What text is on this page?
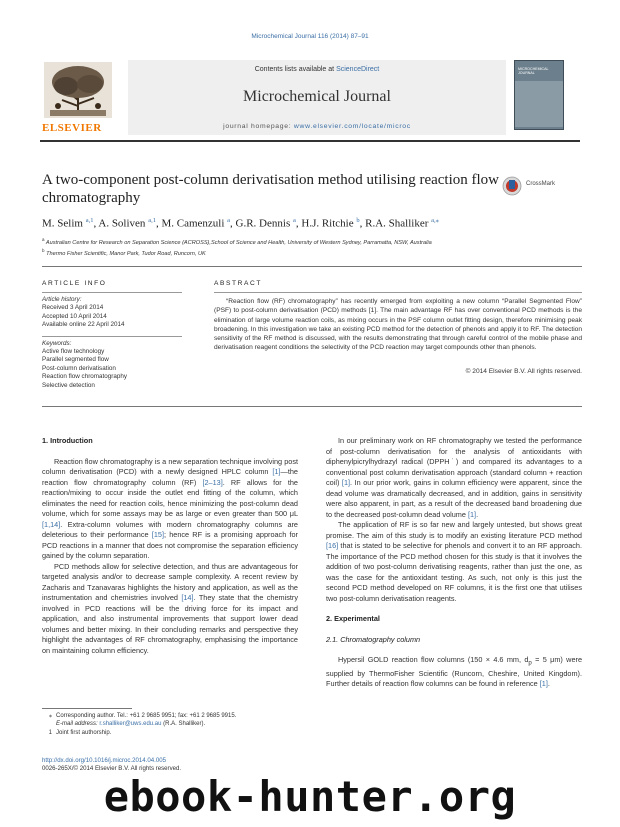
Microchemical Journal 116 (2014) 87–91
ELSEVIER
Contents lists available at ScienceDirect
Microchemical Journal
journal homepage: www.elsevier.com/locate/microc
MICROCHEMICAL JOURNAL
A two-component post-column derivatisation method utilising reaction flow chromatography
CrossMark
M. Selim $^{a,1}$, A. Soliven $^{a,1}$, M. Camenzuli $^a$, G.R. Dennis $^a$, H.J. Ritchie $^b$, R.A. Shalliker $^{a,⁎}$
$^a$ Australian Centre for Research on Separation Science (ACROSS),School of Science and Health, University of Western Sydney, Parramatta, NSW, Australia
$^b$ Thermo Fisher Scientific, Manor Park, Tudor Road, Runcorn, UK
ARTICLE INFO	ABSTRACT
Article history:
Received 3 April 2014
Accepted 10 April 2014
Available online 22 April 2014
Keywords:
Active flow technology
Parallel segmented flow
Post-column derivatisation
Reaction flow chromatography
Selective detection
“Reaction flow (RF) chromatography” has recently emerged from exploiting a new column “Parallel Segmented Flow” (PSF) to post-column derivatisation (PCD) methods [1]. The main advantage RF has over conventional PCD methods is the elimination of large volume reaction coils, as mixing occurs in the PSF column outlet fitting design, therefore minimising peak broadening. In this investigation we take an existing PCD method for the detection of phenols and apply it to RF. The detection sensitivity of the RF method is discussed, with the results demonstrating that through careful control of the mobile phase and derivatisation reagent conditions the selectivity of the PCD reaction may target compounds other than phenols.
© 2014 Elsevier B.V. All rights reserved.
1. Introduction

Reaction flow chromatography is a new separation technique involving post column derivatisation (PCD) with a newly designed HPLC column [1]—the reaction flow chromatography column (RF) [2–13]. RF allows for the reaction/mixing to occur inside the outlet end fitting of the column, which eliminates the need for reaction coils, hence minimizing the post-column dead volume, which for some assays may be as large or even greater than 500 μL [1,14]. Extra-column volumes with modern chromatography columns are deleterious to their performance [15]; hence RF is a promising approach for PCD reactions in a manner that does not compromise the separation efficiency gained by the column separation.

PCD methods allow for selective detection, and thus are advantageous for targeted analysis and/or to decrease sample complexity. A recent review by Zacharis and Tzanavaras highlights the history and application, as well as the instrumentation and chemistries involved [14]. They state that the chemistry involved in PCD reactions will be the driving force for its impact and application, and also instrumental improvements that support lower dead volumes and better mixing. In their concluding remarks and perspective they highlight the advantages of RF chromatography, emphasising the importance on maintaining column efficiency.

In our preliminary work on RF chromatography we tested the performance of post-column derivatisation for the analysis of antioxidants with diphenylpicrylhydrazyl radical (DPPH˙) and compared its advantages to a conventional post column derivatisation approach (standard column + reaction coil) [1]. In our prior work, gains in column efficiency were apparent, since the dead volume was dramatically decreased, and in addition, gains in sensitivity were also apparent, in part, as a result of the decreased band broadening due to the decreased post-column dead volume [1].

The application of RF is so far new and largely untested, but shows great promise. The aim of this study is to modify an existing literature PCD method [16] that is stated to be selective for phenols and convert it to an RF approach. The importance of the PCD method chosen for this study is that it involves the addition of two post-column derivatising reagents, rather than just the one, as was the case for the antioxidant testing. As such, not only is this just the second PCD method developed on RF columns, it is the first one that utilises two post-column derivatisation reagents.

2. Experimental
2.1. Chromatography column

Hypersil GOLD reaction flow columns (150 × 4.6 mm, $d_p = 5$ μm) were supplied by ThermoFisher Scientific (Runcorn, Cheshire, United Kingdom). Further details of reaction flow columns can be found in reference [1].

⁎ Corresponding author. Tel.: +61 2 9685 9951; fax: +61 2 9685 9915.
E-mail address: r.shalliker@uws.edu.au (R.A. Shalliker).
1 Joint first authorship.
http://dx.doi.org/10.1016/j.microc.2014.04.005
0026-265X/© 2014 Elsevier B.V. All rights reserved.
ebook-hunter.org
